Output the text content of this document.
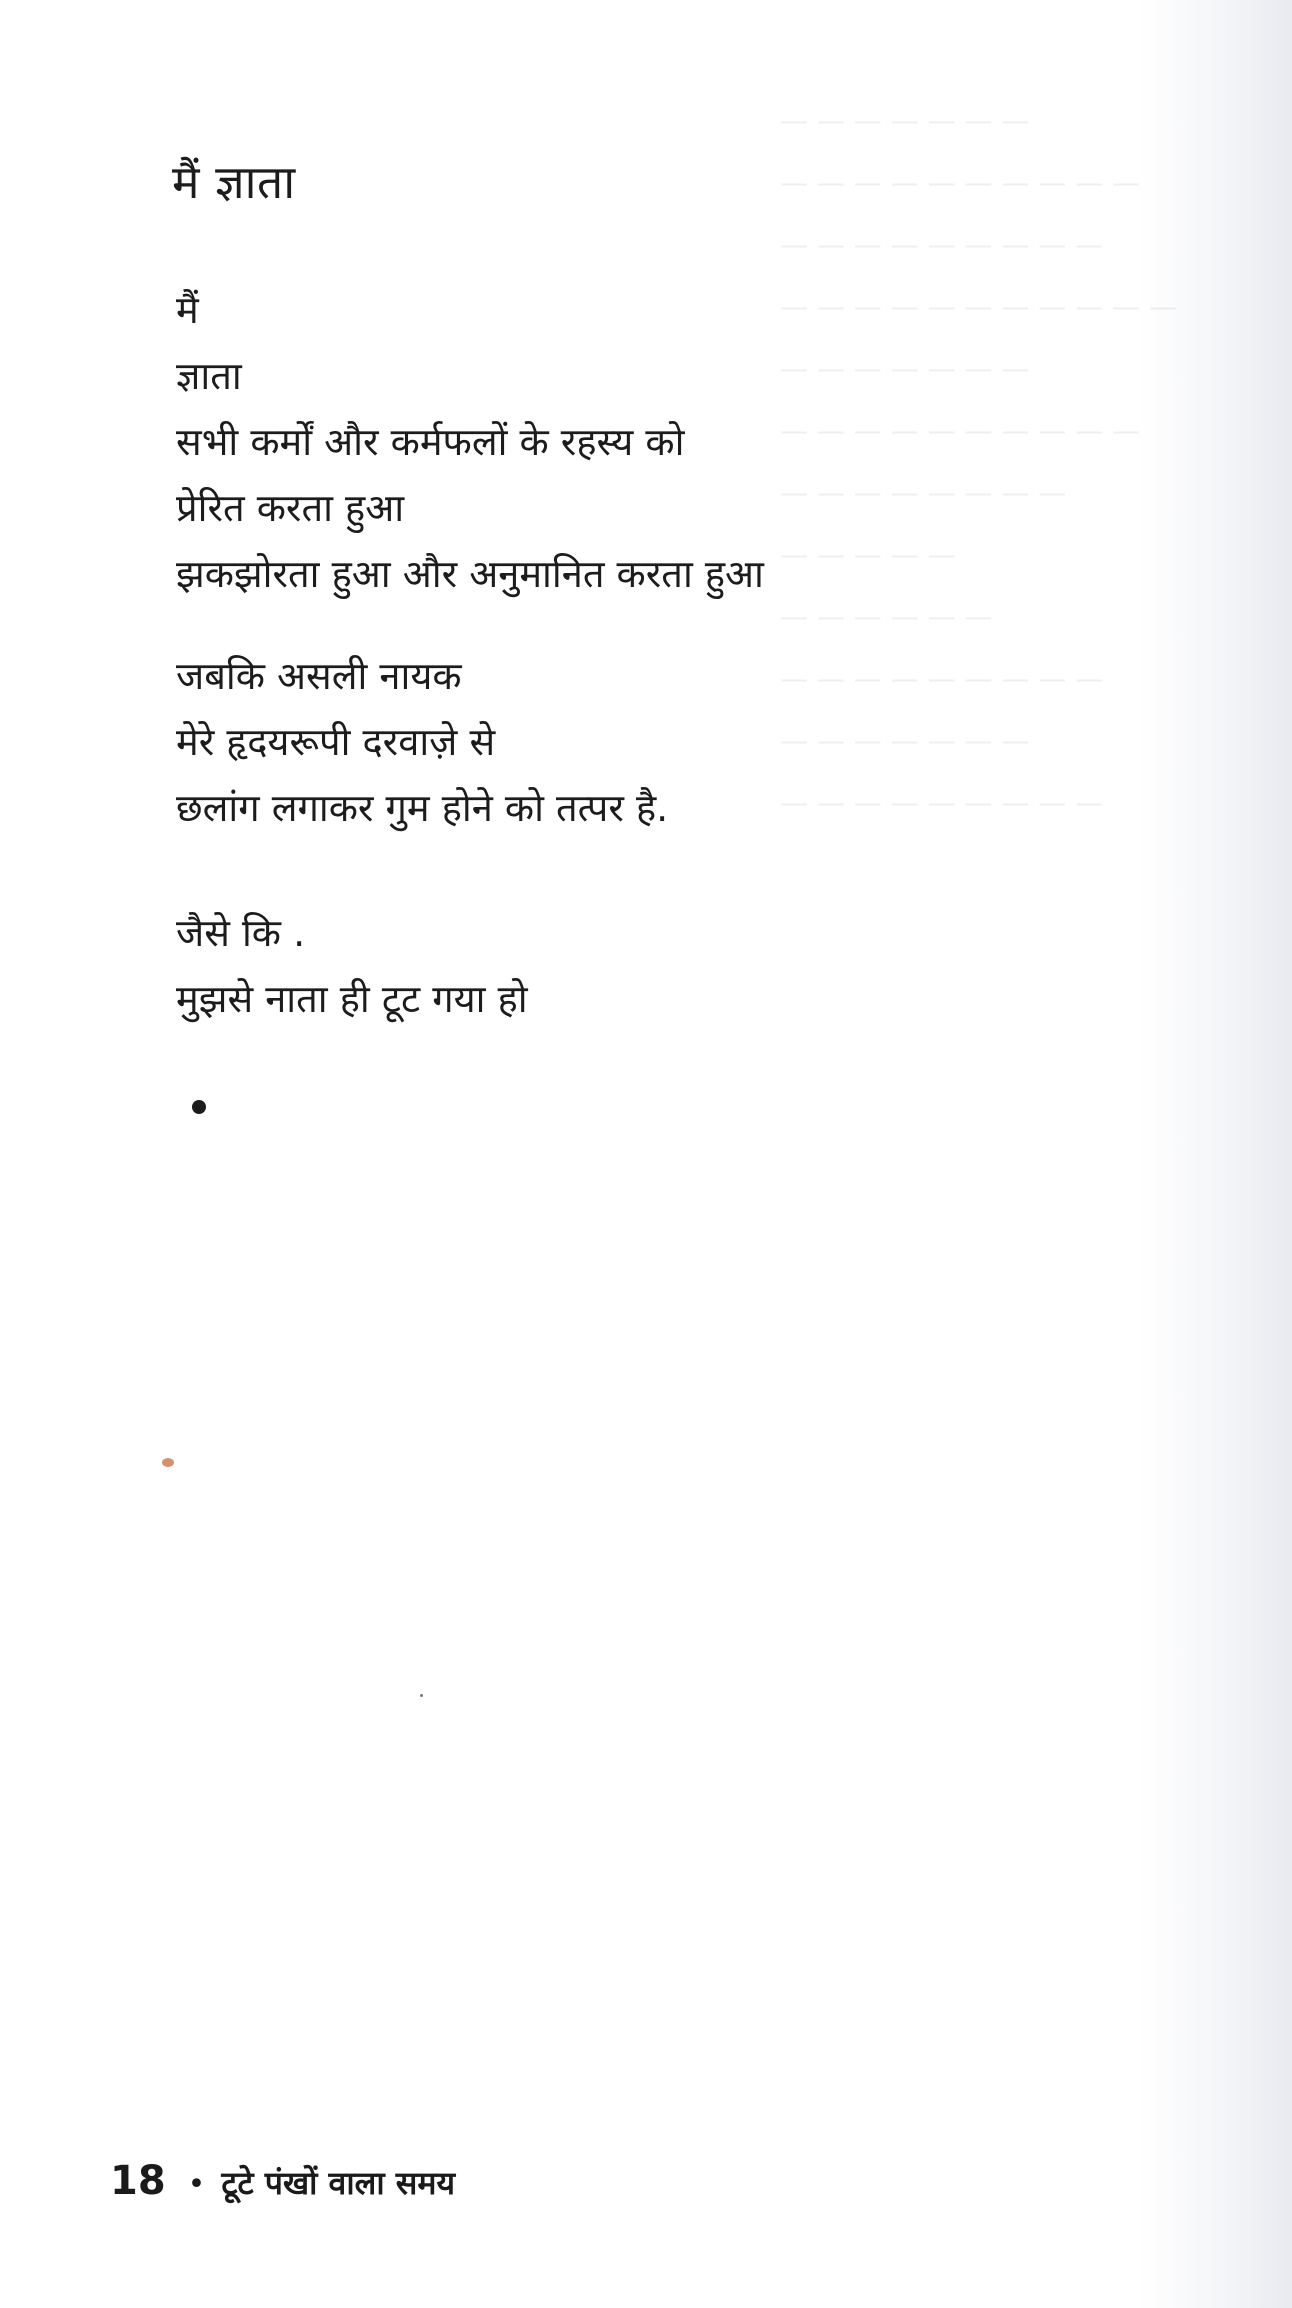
— — — — — — —
— — — — — — — — — —
— — — — — — — — —
— — — — — — — — — — —
— — — — — — —
— — — — — — — — — —
— — — — — — — —
— — — — —
— — — — — —
— — — — — — — — —
— — — — — — —
— — — — — — — — —
मैं ज्ञाता
मैं
ज्ञाता
सभी कर्मों और कर्मफलों के रहस्य को
प्रेरित करता हुआ
झकझोरता हुआ और अनुमानित करता हुआ
जबकि असली नायक
मेरे हृदयरूपी दरवाज़े से
छलांग लगाकर गुम होने को तत्पर है.
जैसे कि .
मुझसे नाता ही टूट गया हो
18 • टूटे पंखों वाला समय
